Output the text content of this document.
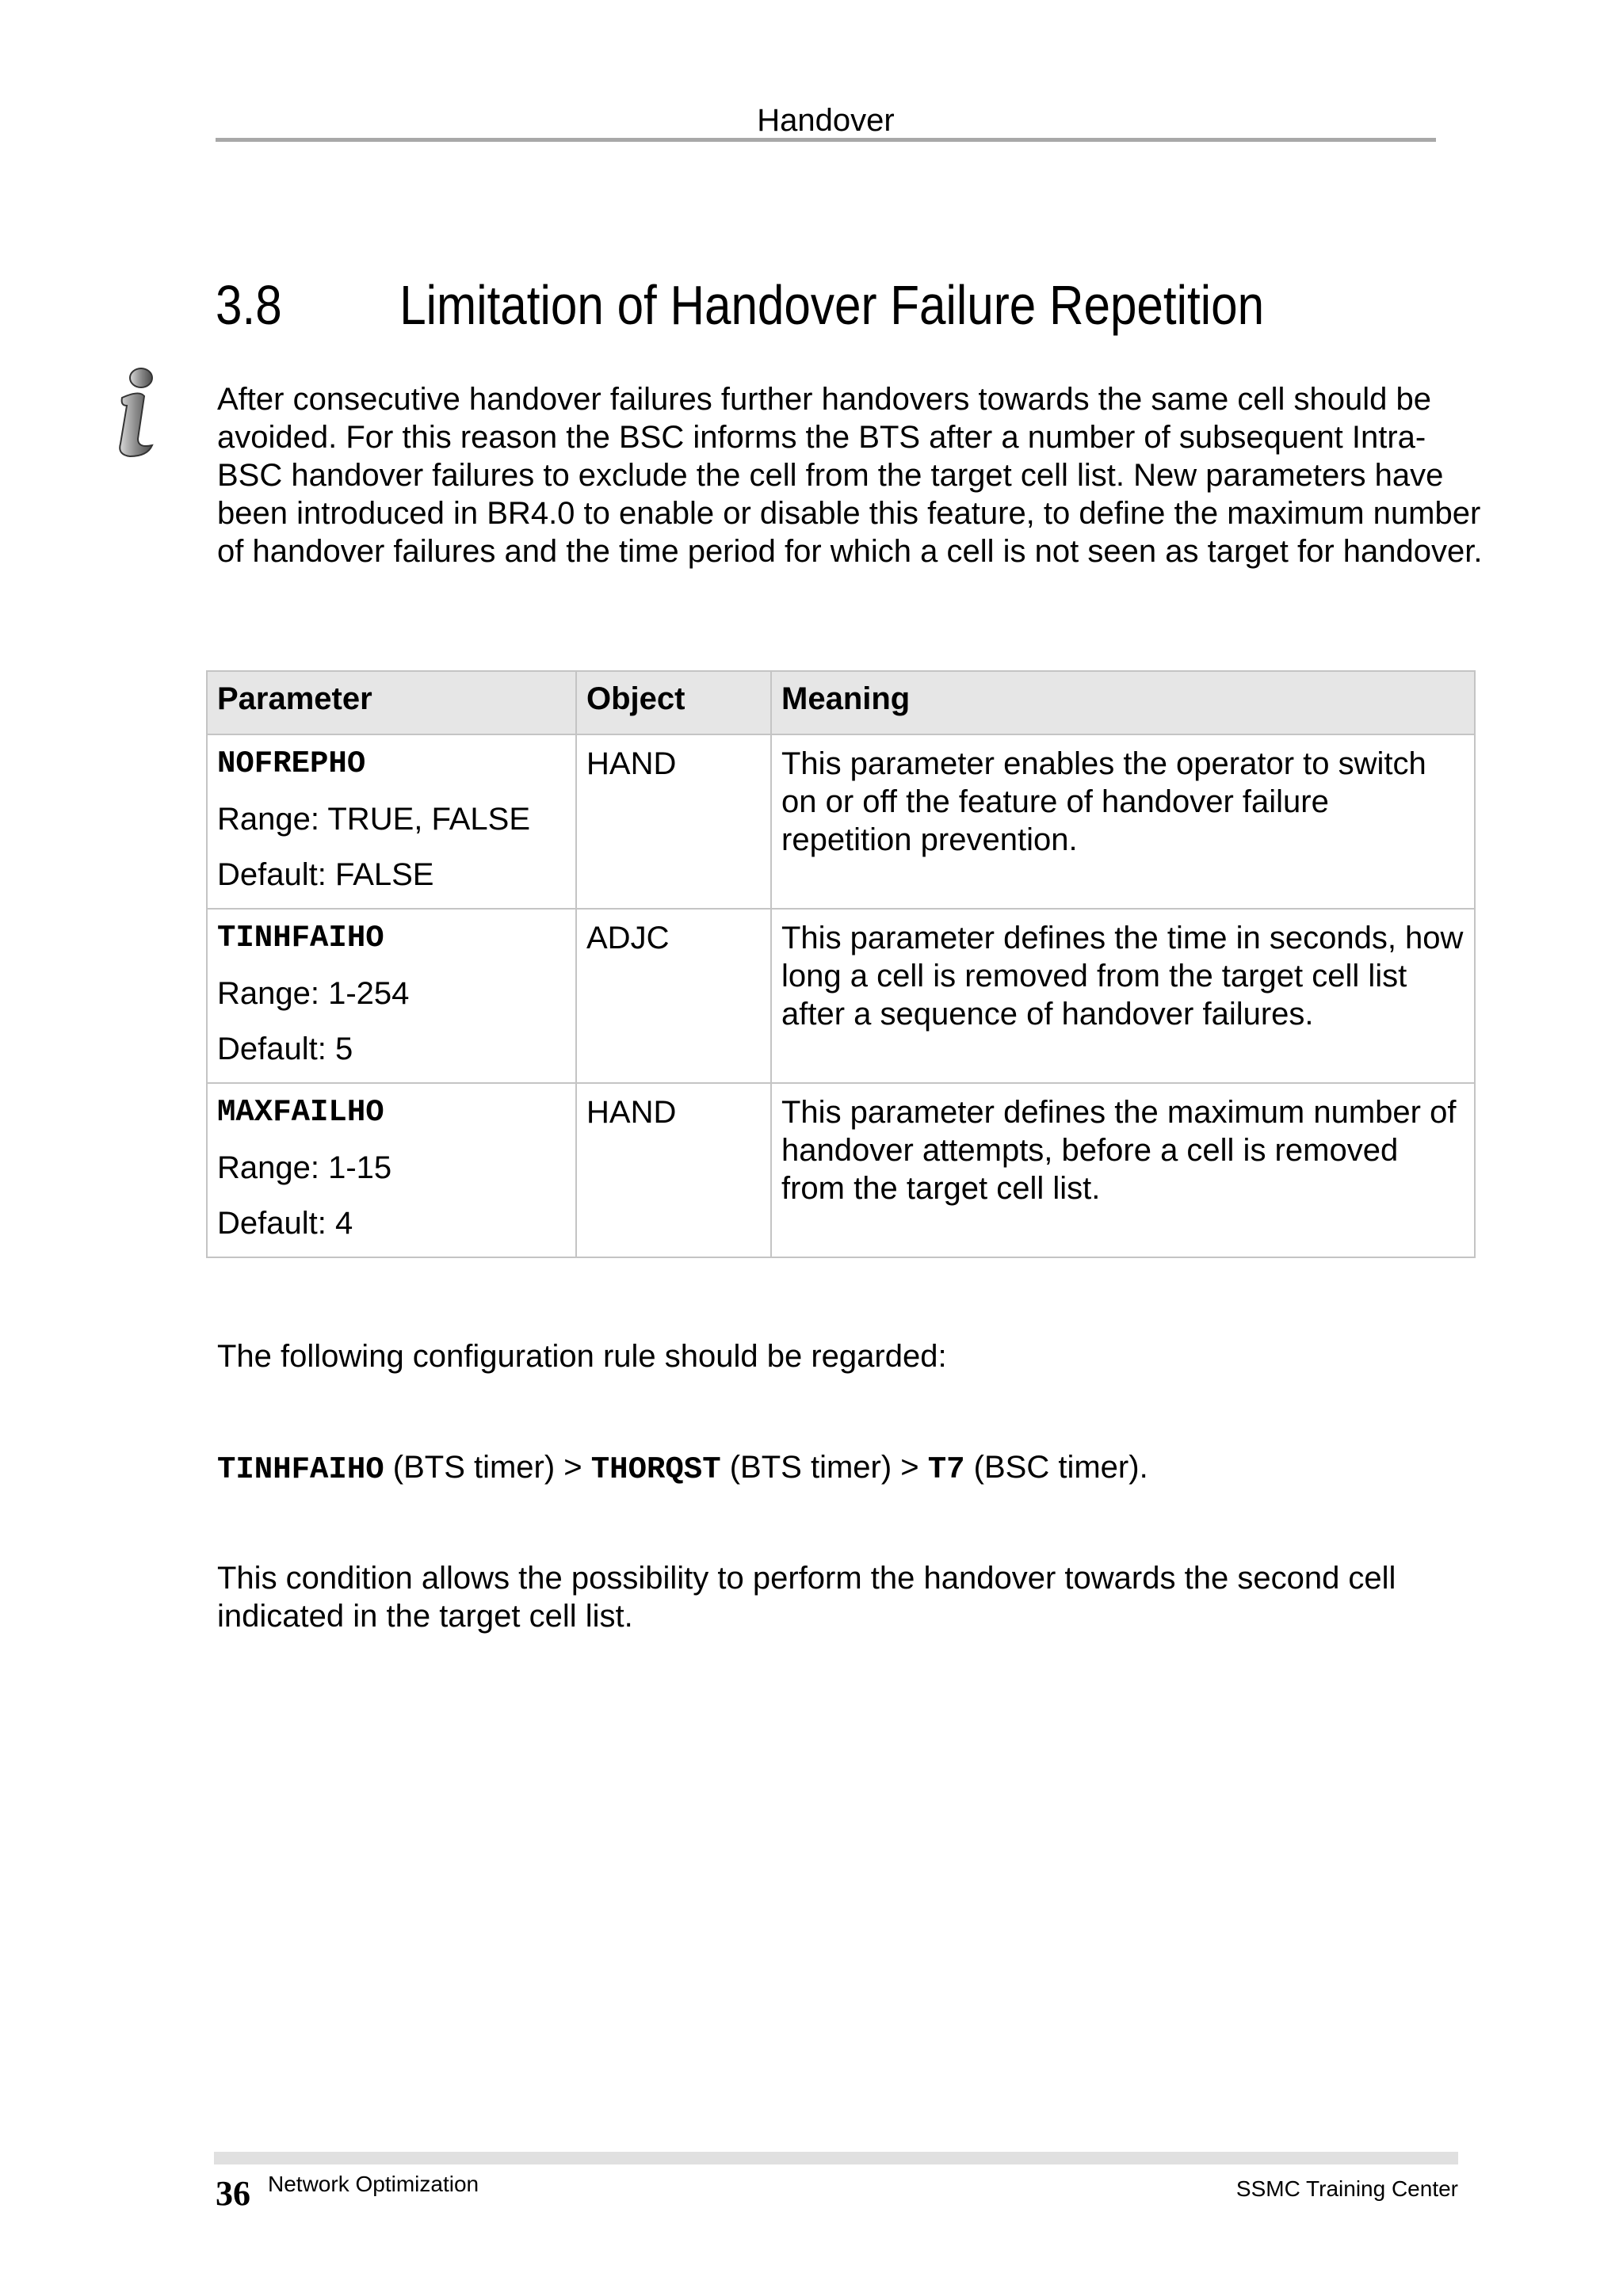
Handover
3.8 Limitation of Handover Failure Repetition
After consecutive handover failures further handovers towards the same cell should be avoided. For this reason the BSC informs the BTS after a number of subsequent Intra-BSC handover failures to exclude the cell from the target cell list. New parameters have been introduced in BR4.0 to enable or disable this feature, to define the maximum number of handover failures and the time period for which a cell is not seen as target for handover.
Parameter	Object	Meaning

NOFREPHO
Range: TRUE, FALSE
Default: FALSE	HAND	This parameter enables the operator to switch on or off the feature of handover failure repetition prevention.

TINHFAIHO
Range: 1-254
Default: 5	ADJC	This parameter defines the time in seconds, how long a cell is removed from the target cell list after a sequence of handover failures.

MAXFAILHO
Range: 1-15
Default: 4	HAND	This parameter defines the maximum number of handover attempts, before a cell is removed from the target cell list.
The following configuration rule should be regarded:
TINHFAIHO (BTS timer) > THORQST (BTS timer) > T7 (BSC timer).
This condition allows the possibility to perform the handover towards the second cell indicated in the target cell list.
36 Network Optimization	SSMC Training Center
